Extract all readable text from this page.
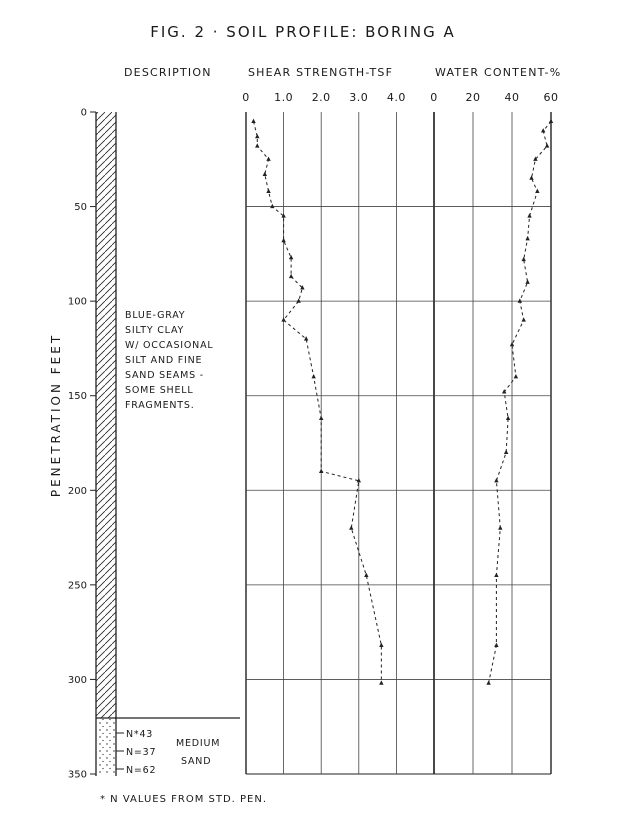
FIG. 2 · SOIL PROFILE: BORING A
DESCRIPTION	SHEAR STRENGTH-TSF	WATER CONTENT-%
PENETRATION FEET
0
50
100
150
200
250
300
350
BLUE-GRAY
SILTY CLAY
W/ OCCASIONAL
SILT AND FINE
SAND SEAMS -
SOME SHELL
FRAGMENTS.
N*43
N=37
N=62
MEDIUM
SAND
0 1.0 2.0 3.0 4.0 0	20 40 60
* N VALUES FROM STD. PEN.
